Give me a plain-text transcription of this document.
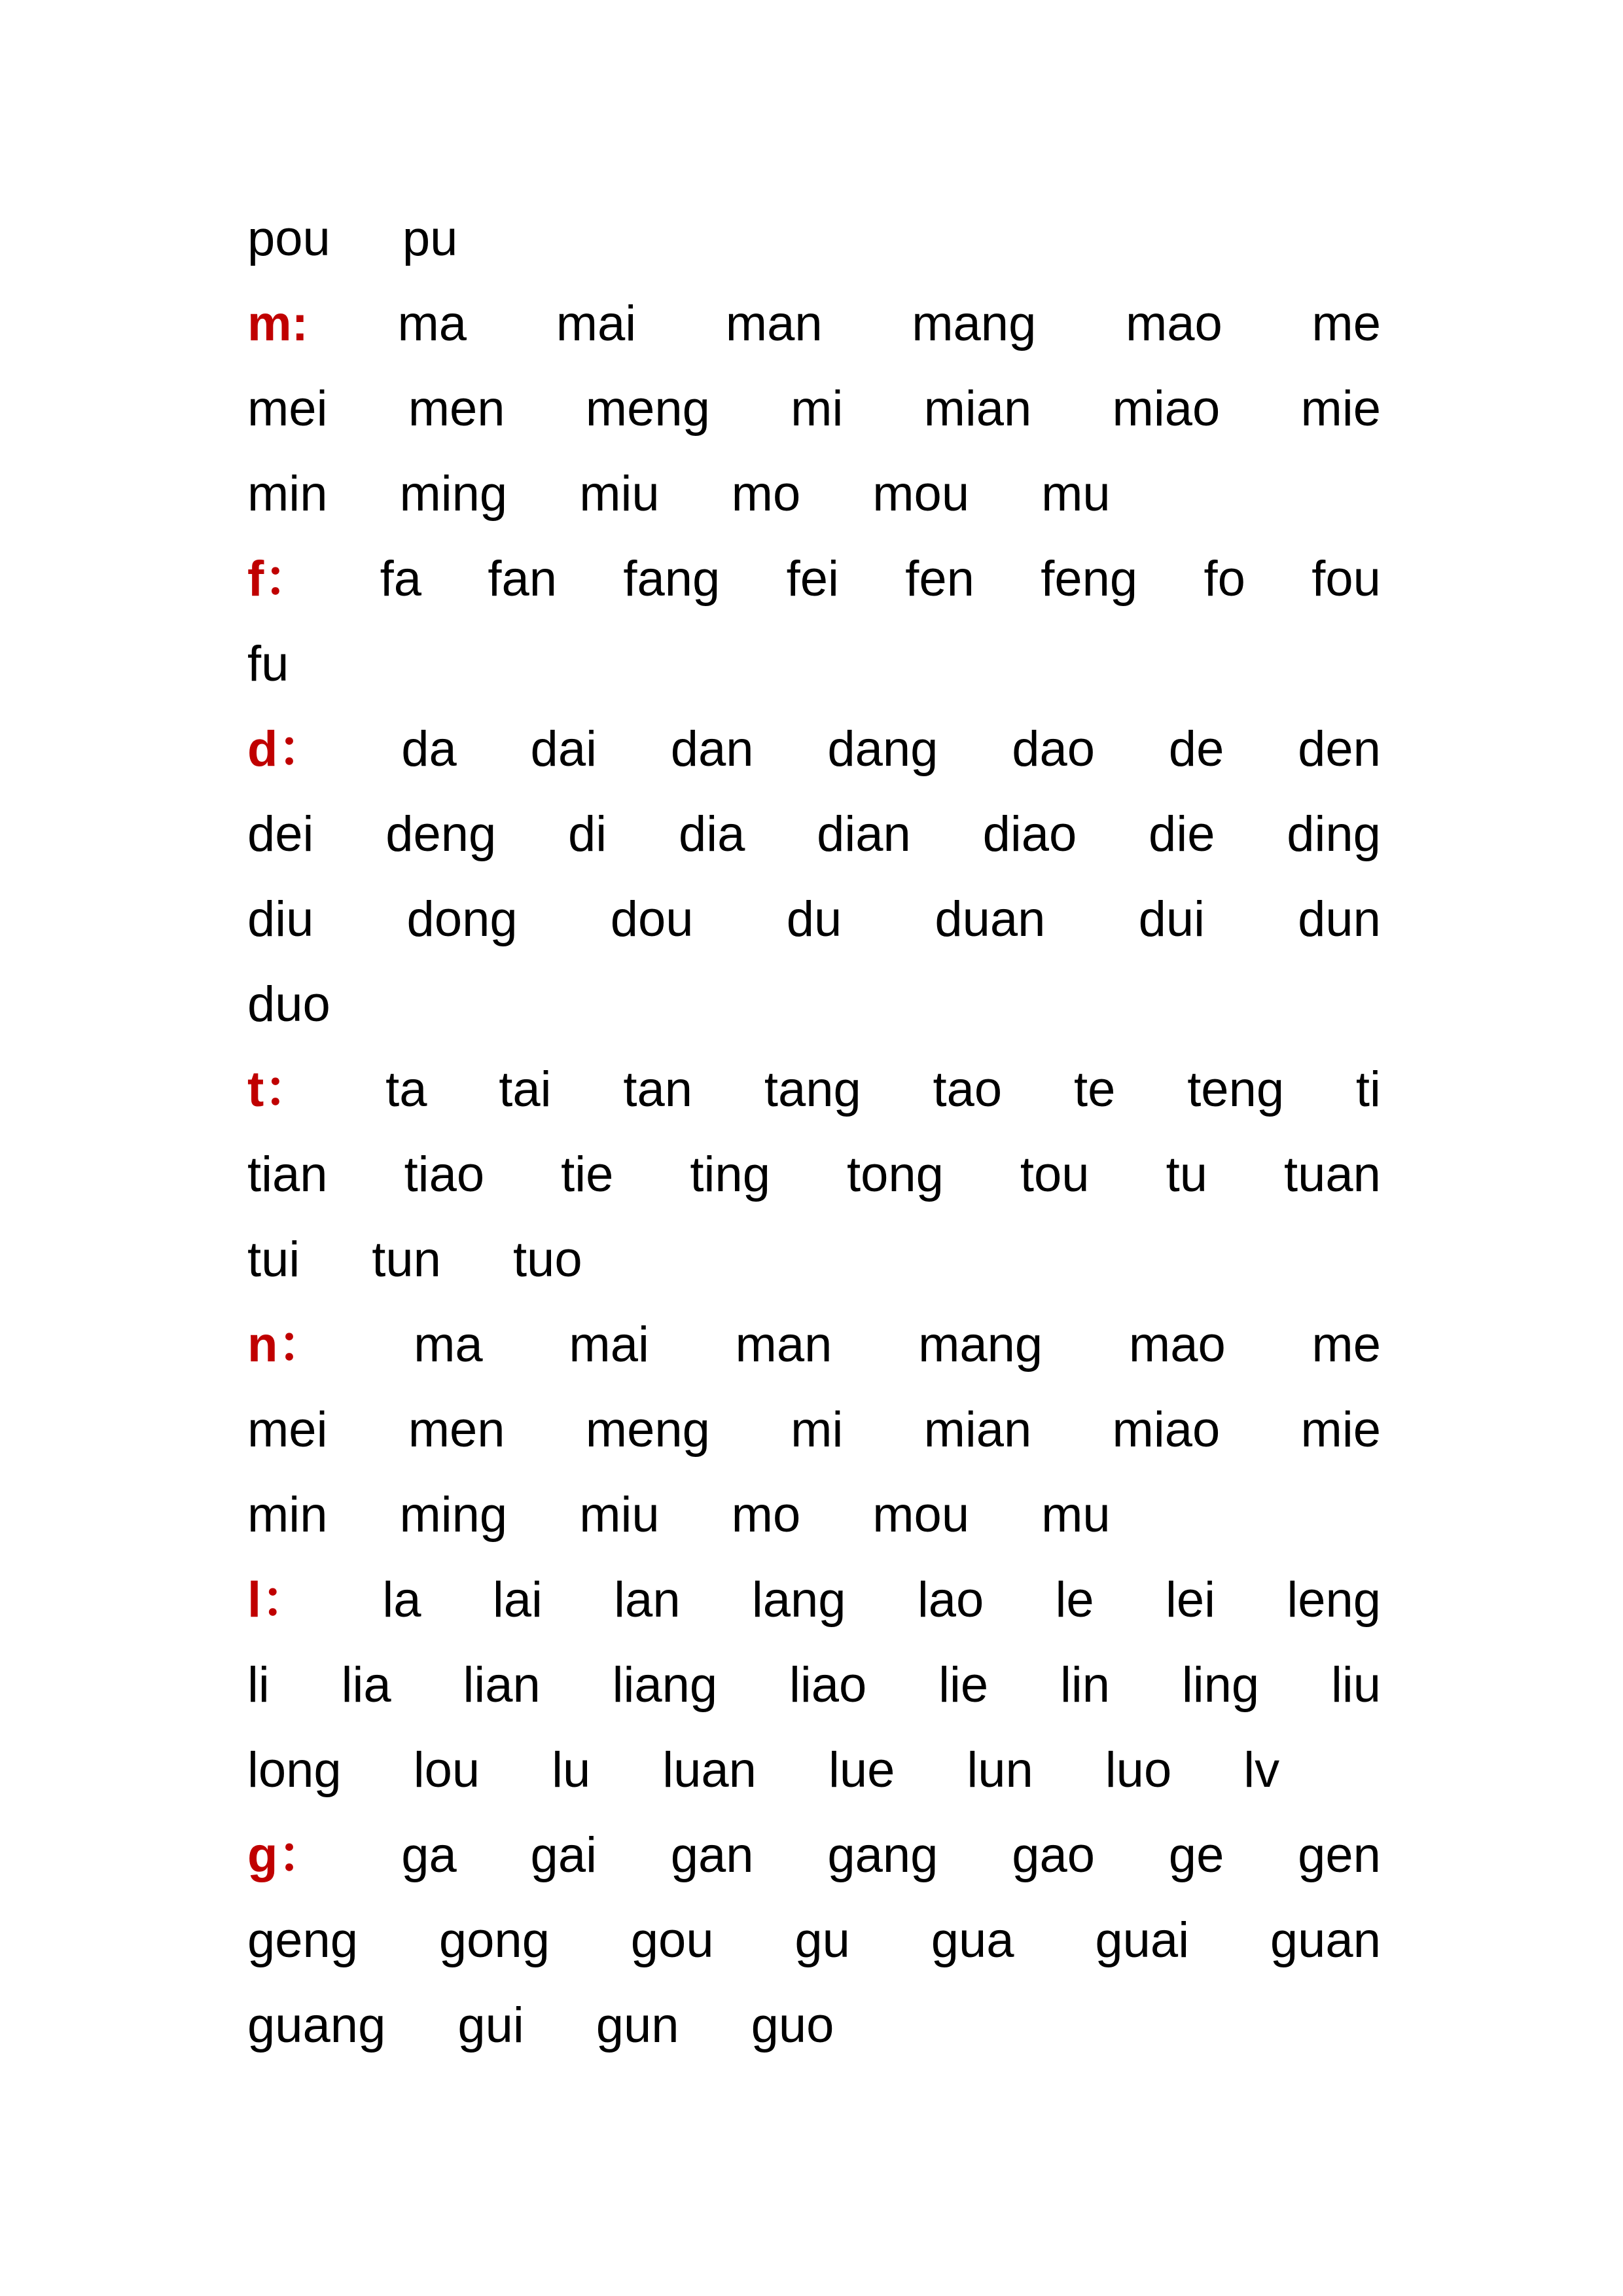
pou pu
m: ma mai man mang mao me
mei men meng mi mian miao mie
min ming miu mo mou mu
f： fa fan fang fei fen feng fo fou
fu
d： da dai dan dang dao de den
dei deng di dia dian diao die ding
diu dong dou du duan dui dun
duo
t： ta tai tan tang tao te teng ti
tian tiao tie ting tong tou tu tuan
tui tun tuo
n： ma mai man mang mao me
mei men meng mi mian miao mie
min ming miu mo mou mu
l： la lai lan lang lao le lei leng
li lia lian liang liao lie lin ling liu
long lou lu luan lue lun luo lv
g： ga gai gan gang gao ge gen
geng gong gou gu gua guai guan
guang gui gun guo
